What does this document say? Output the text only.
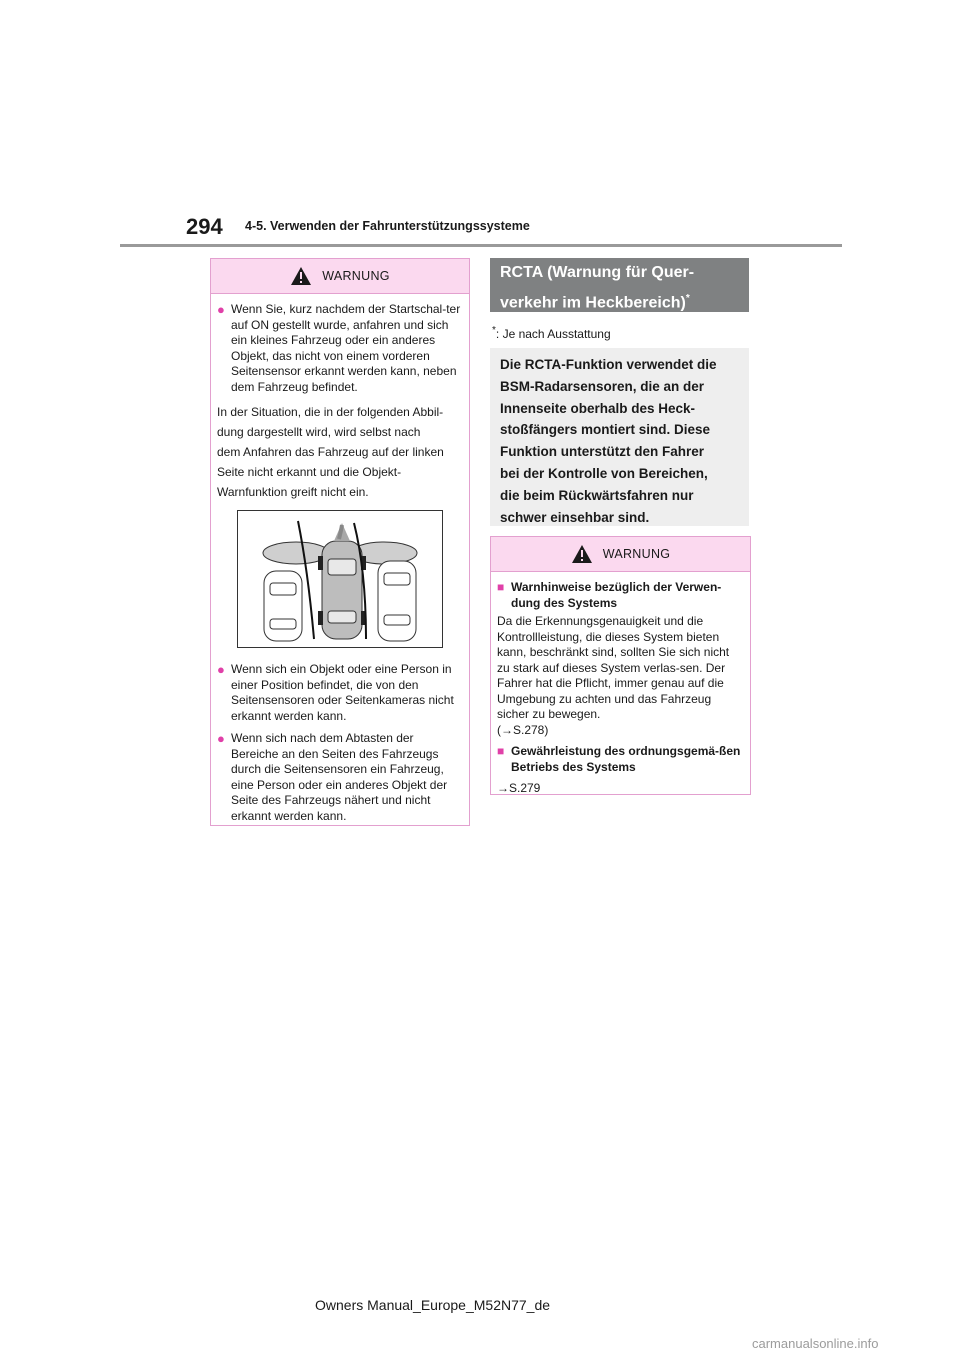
294 4-5. Verwenden der Fahrunterstützungssysteme
WARNUNG
● Wenn Sie, kurz nachdem der Startschal-ter auf ON gestellt wurde, anfahren und sich ein kleines Fahrzeug oder ein anderes Objekt, das nicht von einem vorderen Seitensensor erkannt werden kann, neben dem Fahrzeug befindet.

In der Situation, die in der folgenden Abbil-

dung dargestellt wird, wird selbst nach

dem Anfahren das Fahrzeug auf der linken

Seite nicht erkannt und die Objekt-

Warnfunktion greift nicht ein.

● Wenn sich ein Objekt oder eine Person in einer Position befindet, die von den Seitensensoren oder Seitenkameras nicht erkannt werden kann.
● Wenn sich nach dem Abtasten der Bereiche an den Seiten des Fahrzeugs durch die Seitensensoren ein Fahrzeug, eine Person oder ein anderes Objekt der Seite des Fahrzeugs nähert und nicht erkannt werden kann.
RCTA (Warnung für Quer-
verkehr im Heckbereich)*
*: Je nach Ausstattung
Die RCTA-Funktion verwendet die
BSM-Radarsensoren, die an der
Innenseite oberhalb des Heck-
stoßfängers montiert sind. Diese
Funktion unterstützt den Fahrer
bei der Kontrolle von Bereichen,
die beim Rückwärtsfahren nur
schwer einsehbar sind.
WARNUNG
■ Warnhinweise bezüglich der Verwen-dung des Systems
Da die Erkennungsgenauigkeit und die Kontrollleistung, die dieses System bieten kann, beschränkt sind, sollten Sie sich nicht zu stark auf dieses System verlas-sen. Der Fahrer hat die Pflicht, immer genau auf die Umgebung zu achten und das Fahrzeug sicher zu bewegen.
(→S.278)
■ Gewährleistung des ordnungsgemä-ßen Betriebs des Systems
→S.279
Owners Manual_Europe_M52N77_de
carmanualsonline.info
